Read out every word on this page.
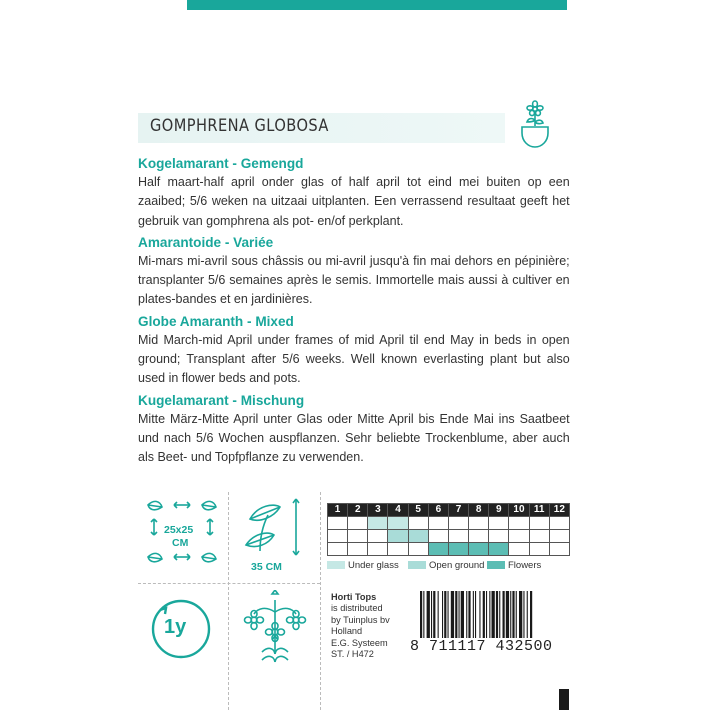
GOMPHRENA GLOBOSA
Kogelamarant - Gemengd

Half maart-half april onder glas of half april tot eind mei buiten op een zaaibed; 5/6 weken na uitzaai uitplanten. Een verrassend resultaat geeft het gebruik van gomphrena als pot- en/of perkplant.

Amarantoide - Variée

Mi-mars mi-avril sous châssis ou mi-avril jusqu'à fin mai dehors en pépinière; transplanter 5/6 semaines après le semis. Immortelle mais aussi à cultiver en plates-bandes et en jardinières.

Globe Amaranth - Mixed

Mid March-mid April under frames of mid April til end May in beds in open ground; Transplant after 5/6 weeks. Well known everlasting plant but also used in flower beds and pots.

Kugelamarant - Mischung

Mitte März-Mitte April unter Glas oder Mitte April bis Ende Mai ins Saatbeet und nach 5/6 Wochen auspflanzen. Sehr beliebte Trockenblume, aber auch als Beet- und Topfpflanze zu verwenden.

25x25
CM
35 CM
1y
1	2	3	4	5	6	7	8	9	10	11	12

Under glass	Open ground	Flowers
Horti Tops
is distributed
by Tuinplus bv
Holland
E.G. Systeem
ST. / H472	8 711117 432500
